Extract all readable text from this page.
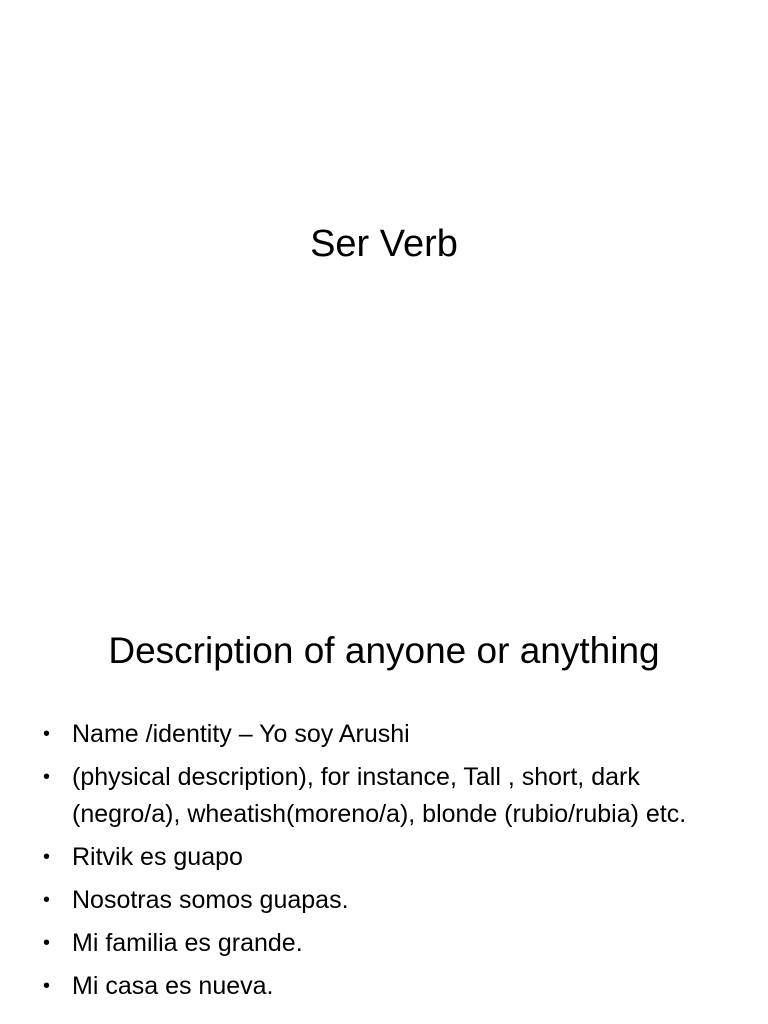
Ser Verb
Description of anyone or anything
• Name /identity – Yo soy Arushi
• (physical description), for instance, Tall , short, dark (negro/a), wheatish(moreno/a), blonde (rubio/rubia) etc.
• Ritvik es guapo
• Nosotras somos guapas.
• Mi familia es grande.
• Mi casa es nueva.
